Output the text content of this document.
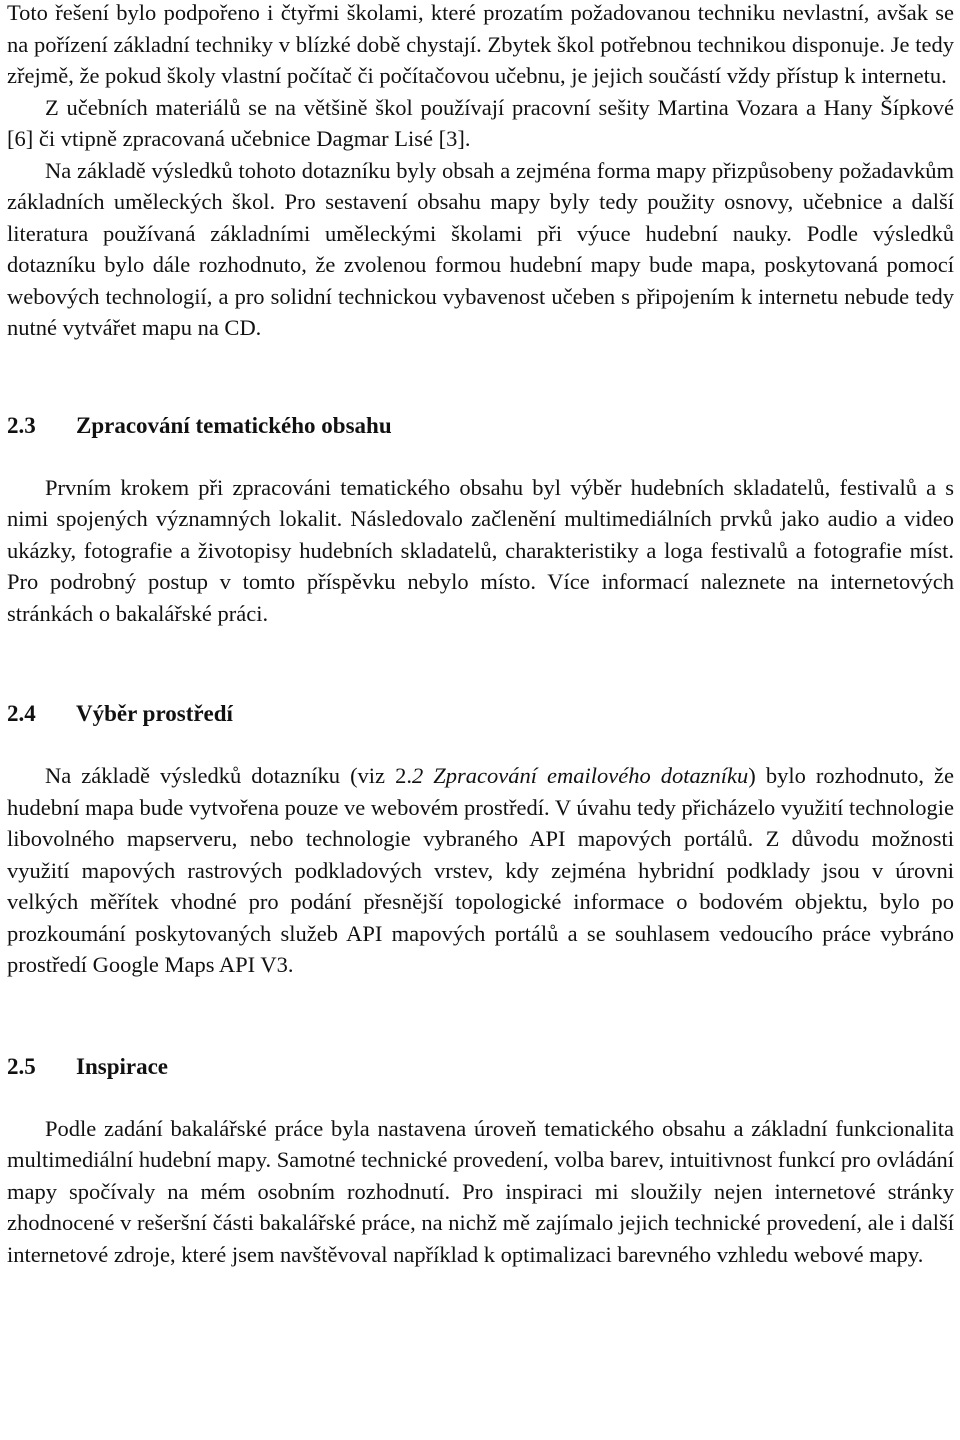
Toto řešení bylo podpořeno i čtyřmi školami, které prozatím požadovanou techniku nevlastní, avšak se na pořízení základní techniky v blízké době chystají. Zbytek škol potřebnou technikou disponuje. Je tedy zřejmě, že pokud školy vlastní počítač či počítačovou učebnu, je jejich součástí vždy přístup k internetu.

Z učebních materiálů se na většině škol používají pracovní sešity Martina Vozara a Hany Šípkové [6] či vtipně zpracovaná učebnice Dagmar Lisé [3].

Na základě výsledků tohoto dotazníku byly obsah a zejména forma mapy přizpůsobeny požadavkům základních uměleckých škol. Pro sestavení obsahu mapy byly tedy použity osnovy, učebnice a další literatura používaná základními uměleckými školami při výuce hudební nauky. Podle výsledků dotazníku bylo dále rozhodnuto, že zvolenou formou hudební mapy bude mapa, poskytovaná pomocí webových technologií, a pro solidní technickou vybavenost učeben s připojením k internetu nebude tedy nutné vytvářet mapu na CD.

2.3 Zpracování tematického obsahu

Prvním krokem při zpracováni tematického obsahu byl výběr hudebních skladatelů, festivalů a s nimi spojených významných lokalit. Následovalo začlenění multimediálních prvků jako audio a video ukázky, fotografie a životopisy hudebních skladatelů, charakteristiky a loga festivalů a fotografie míst. Pro podrobný postup v tomto příspěvku nebylo místo. Více informací naleznete na internetových stránkách o bakalářské práci.

2.4 Výběr prostředí

Na základě výsledků dotazníku (viz 2.2 Zpracování emailového dotazníku) bylo rozhodnuto, že hudební mapa bude vytvořena pouze ve webovém prostředí. V úvahu tedy přicházelo využití technologie libovolného mapserveru, nebo technologie vybraného API mapových portálů. Z důvodu možnosti využití mapových rastrových podkladových vrstev, kdy zejména hybridní podklady jsou v úrovni velkých měřítek vhodné pro podání přesnější topologické informace o bodovém objektu, bylo po prozkoumání poskytovaných služeb API mapových portálů a se souhlasem vedoucího práce vybráno prostředí Google Maps API V3.

2.5 Inspirace

Podle zadání bakalářské práce byla nastavena úroveň tematického obsahu a základní funkcionalita multimediální hudební mapy. Samotné technické provedení, volba barev, intuitivnost funkcí pro ovládání mapy spočívaly na mém osobním rozhodnutí. Pro inspiraci mi sloužily nejen internetové stránky zhodnocené v rešeršní části bakalářské práce, na nichž mě zajímalo jejich technické provedení, ale i další internetové zdroje, které jsem navštěvoval například k optimalizaci barevného vzhledu webové mapy.
